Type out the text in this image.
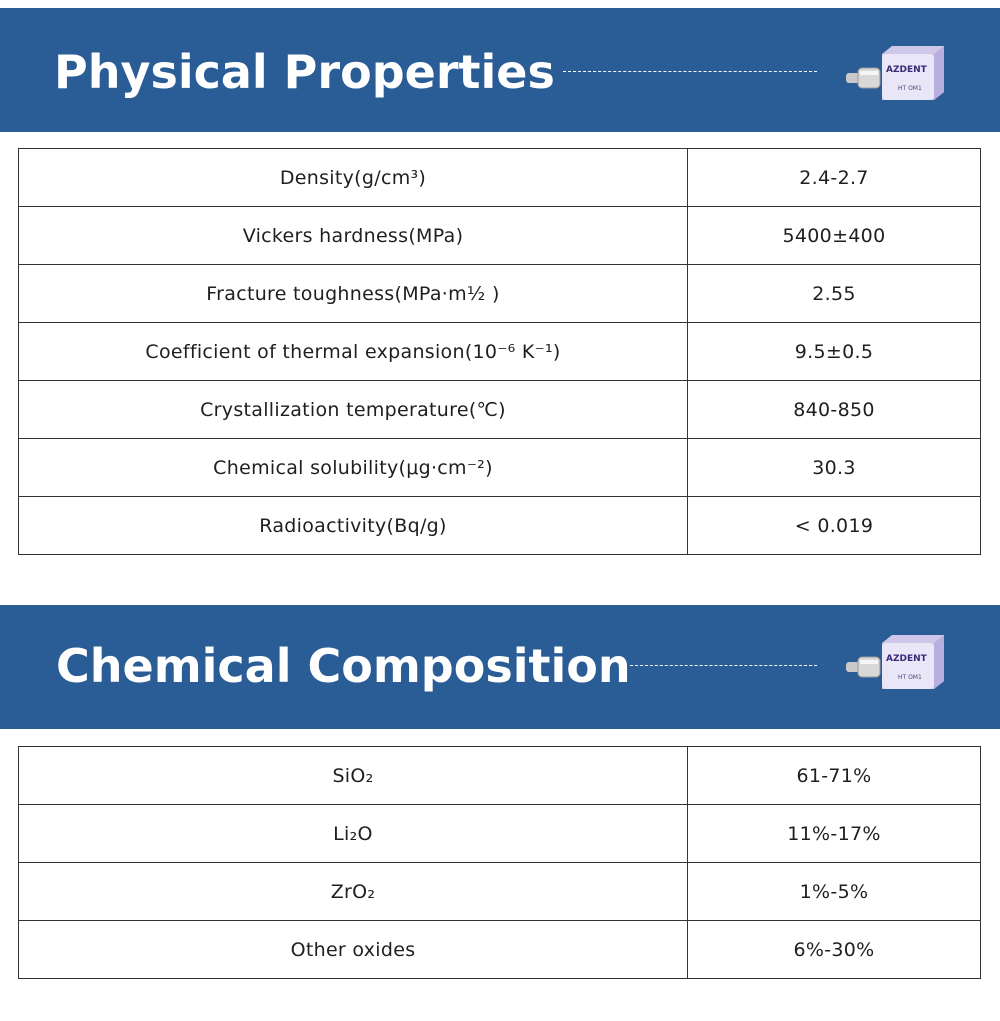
Physical Properties	AZDENT
HT OM1
Density(g/cm³)	2.4-2.7
Vickers hardness(MPa)	5400±400
Fracture toughness(MPa·m½ )	2.55
Coefficient of thermal expansion(10⁻⁶ K⁻¹)	9.5±0.5
Crystallization temperature(℃)	840-850
Chemical solubility(μg·cm⁻²)	30.3
Radioactivity(Bq/g)	< 0.019
Chemical Composition	AZDENT
HT OM1
SiO₂	61-71%
Li₂O	11%-17%
ZrO₂	1%-5%
Other oxides	6%-30%
